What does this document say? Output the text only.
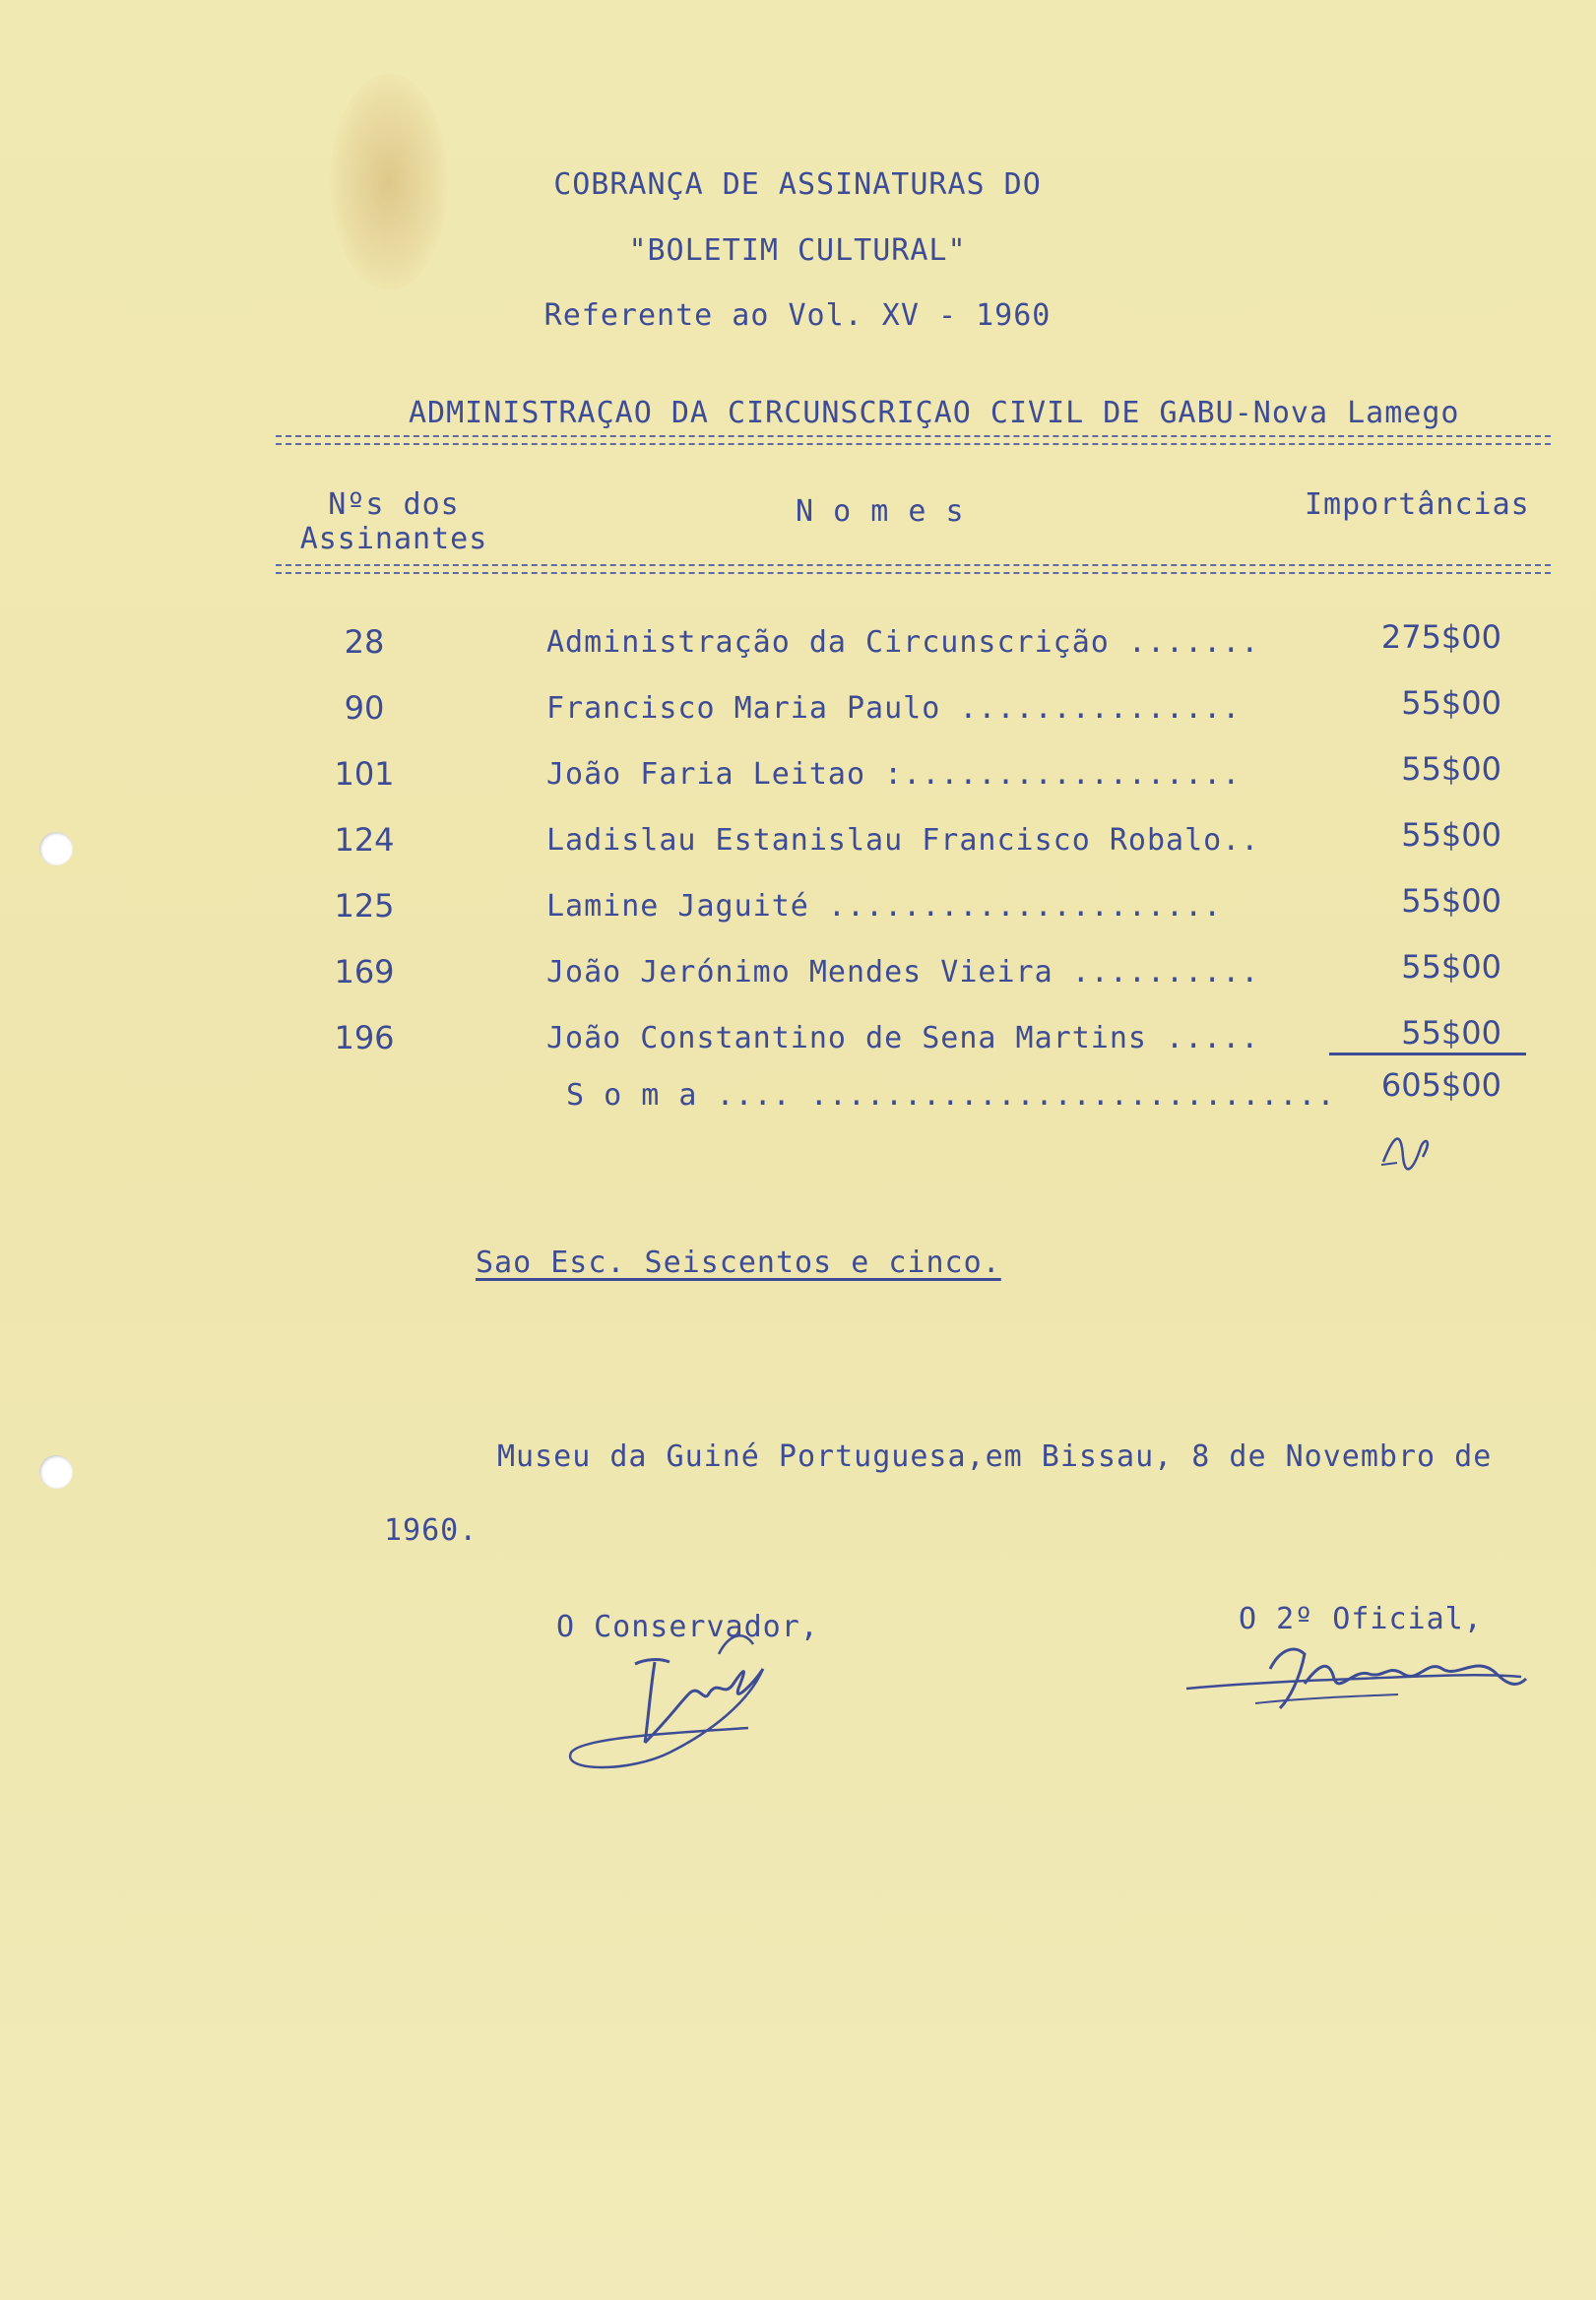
COBRANÇA DE ASSINATURAS DO
"BOLETIM CULTURAL"
Referente ao Vol. XV - 1960
ADMINISTRAÇAO DA CIRCUNSCRIÇAO CIVIL DE GABU-Nova Lamego
Nºs dos
Assinantes
N o m e s	Importâncias
28	Administração da Circunscrição .......	275$00
90	Francisco Maria Paulo ...............	55$00
101	João Faria Leitao :..................	55$00
124	Ladislau Estanislau Francisco Robalo..	55$00
125	Lamine Jaguité .....................	55$00
169	João Jerónimo Mendes Vieira ..........	55$00
196	João Constantino de Sena Martins .....	55$00
S o m a .... ............................	605$00
Sao Esc. Seiscentos e cinco.
Museu da Guiné Portuguesa,em Bissau, 8 de Novembro de
1960.
O Conservador,	O 2º Oficial,
